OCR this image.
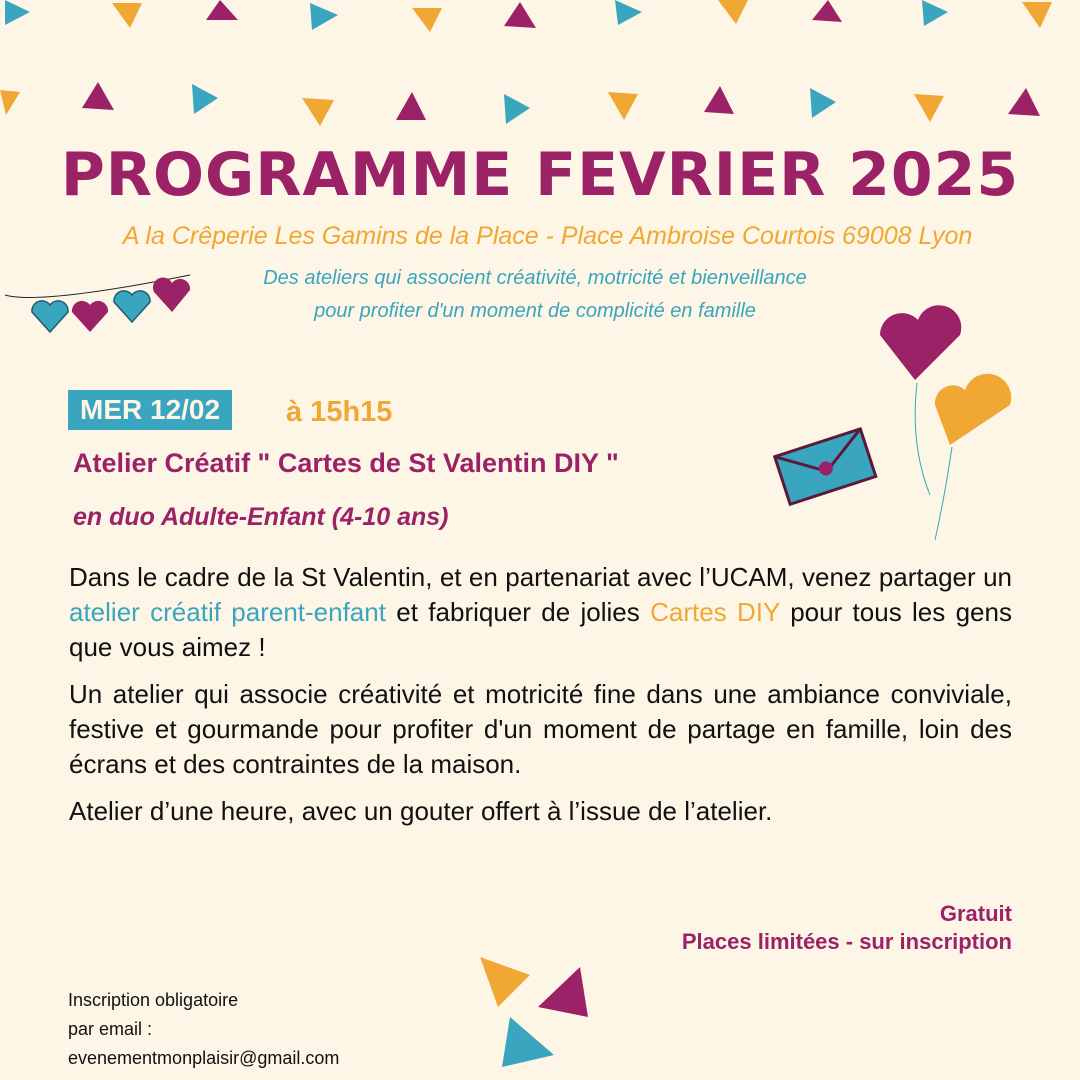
PROGRAMME FEVRIER 2025
A la Crêperie Les Gamins de la Place - Place Ambroise Courtois 69008 Lyon
Des ateliers qui associent créativité, motricité et bienveillance
pour profiter d'un moment de complicité en famille
MER 12/02	à 15h15
Atelier Créatif " Cartes de St Valentin DIY "
en duo Adulte-Enfant (4-10 ans)

Dans le cadre de la St Valentin, et en partenariat avec l’UCAM, venez partager un atelier créatif parent-enfant et fabriquer de jolies Cartes DIY pour tous les gens que vous aimez !

Un atelier qui associe créativité et motricité fine dans une ambiance conviviale, festive et gourmande pour profiter d'un moment de partage en famille, loin des écrans et des contraintes de la maison.

Atelier d’une heure, avec un gouter offert à l’issue de l’atelier.

Gratuit
Places limitées - sur inscription
Inscription obligatoire
par email :
evenementmonplaisir@gmail.com
